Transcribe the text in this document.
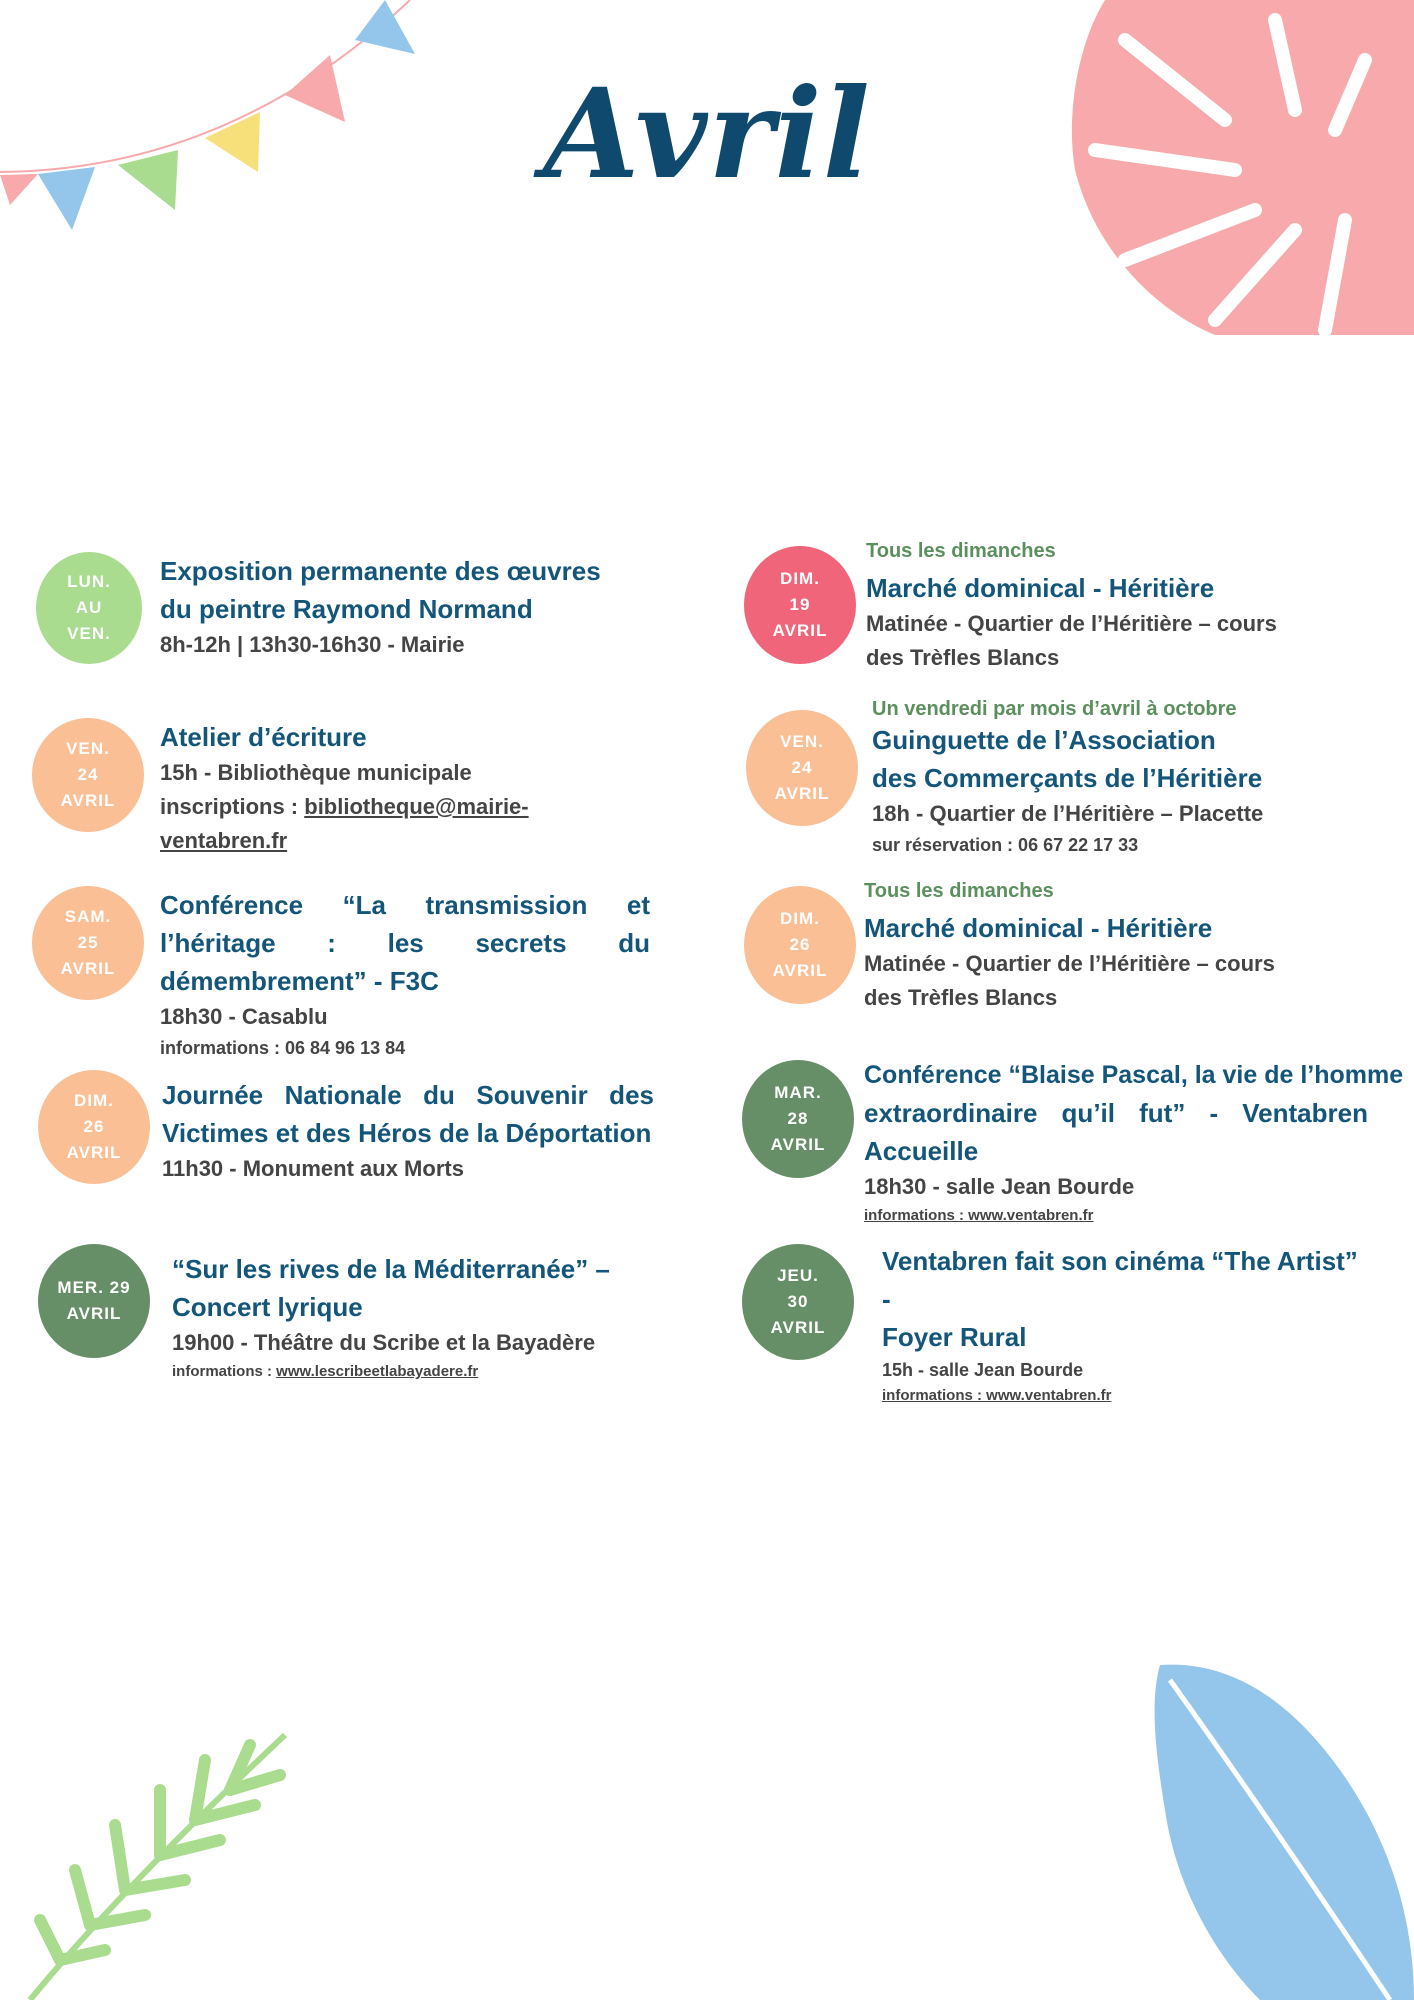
Avril
LUN.
AU
VEN.
Exposition permanente des œuvres
du peintre Raymond Normand
8h-12h | 13h30-16h30 - Mairie
VEN.
24
AVRIL
Atelier d’écriture
15h - Bibliothèque municipale
inscriptions : bibliotheque@mairie-
ventabren.fr
SAM.
25
AVRIL
Conférence “La transmission et
l’héritage : les secrets du
démembrement” - F3C
18h30 - Casablu
informations : 06 84 96 13 84
DIM.
26
AVRIL
Journée Nationale du Souvenir des
Victimes et des Héros de la Déportation
11h30 - Monument aux Morts
MER. 29
AVRIL
“Sur les rives de la Méditerranée” –
Concert lyrique
19h00 - Théâtre du Scribe et la Bayadère
informations : www.lescribeetlabayadere.fr
DIM.
19
AVRIL
Tous les dimanches
Marché dominical - Héritière
Matinée - Quartier de l’Héritière – cours
des Trèfles Blancs
VEN.
24
AVRIL
Un vendredi par mois d’avril à octobre
Guinguette de l’Association
des Commerçants de l’Héritière
18h - Quartier de l’Héritière – Placette
sur réservation : 06 67 22 17 33
DIM.
26
AVRIL
Tous les dimanches
Marché dominical - Héritière
Matinée - Quartier de l’Héritière – cours
des Trèfles Blancs
MAR.
28
AVRIL
Conférence “Blaise Pascal, la vie de l’homme
extraordinaire qu’il fut” - Ventabren
Accueille
18h30 - salle Jean Bourde
informations : www.ventabren.fr
JEU.
30
AVRIL
Ventabren fait son cinéma “The Artist” -
Foyer Rural
15h - salle Jean Bourde
informations : www.ventabren.fr
